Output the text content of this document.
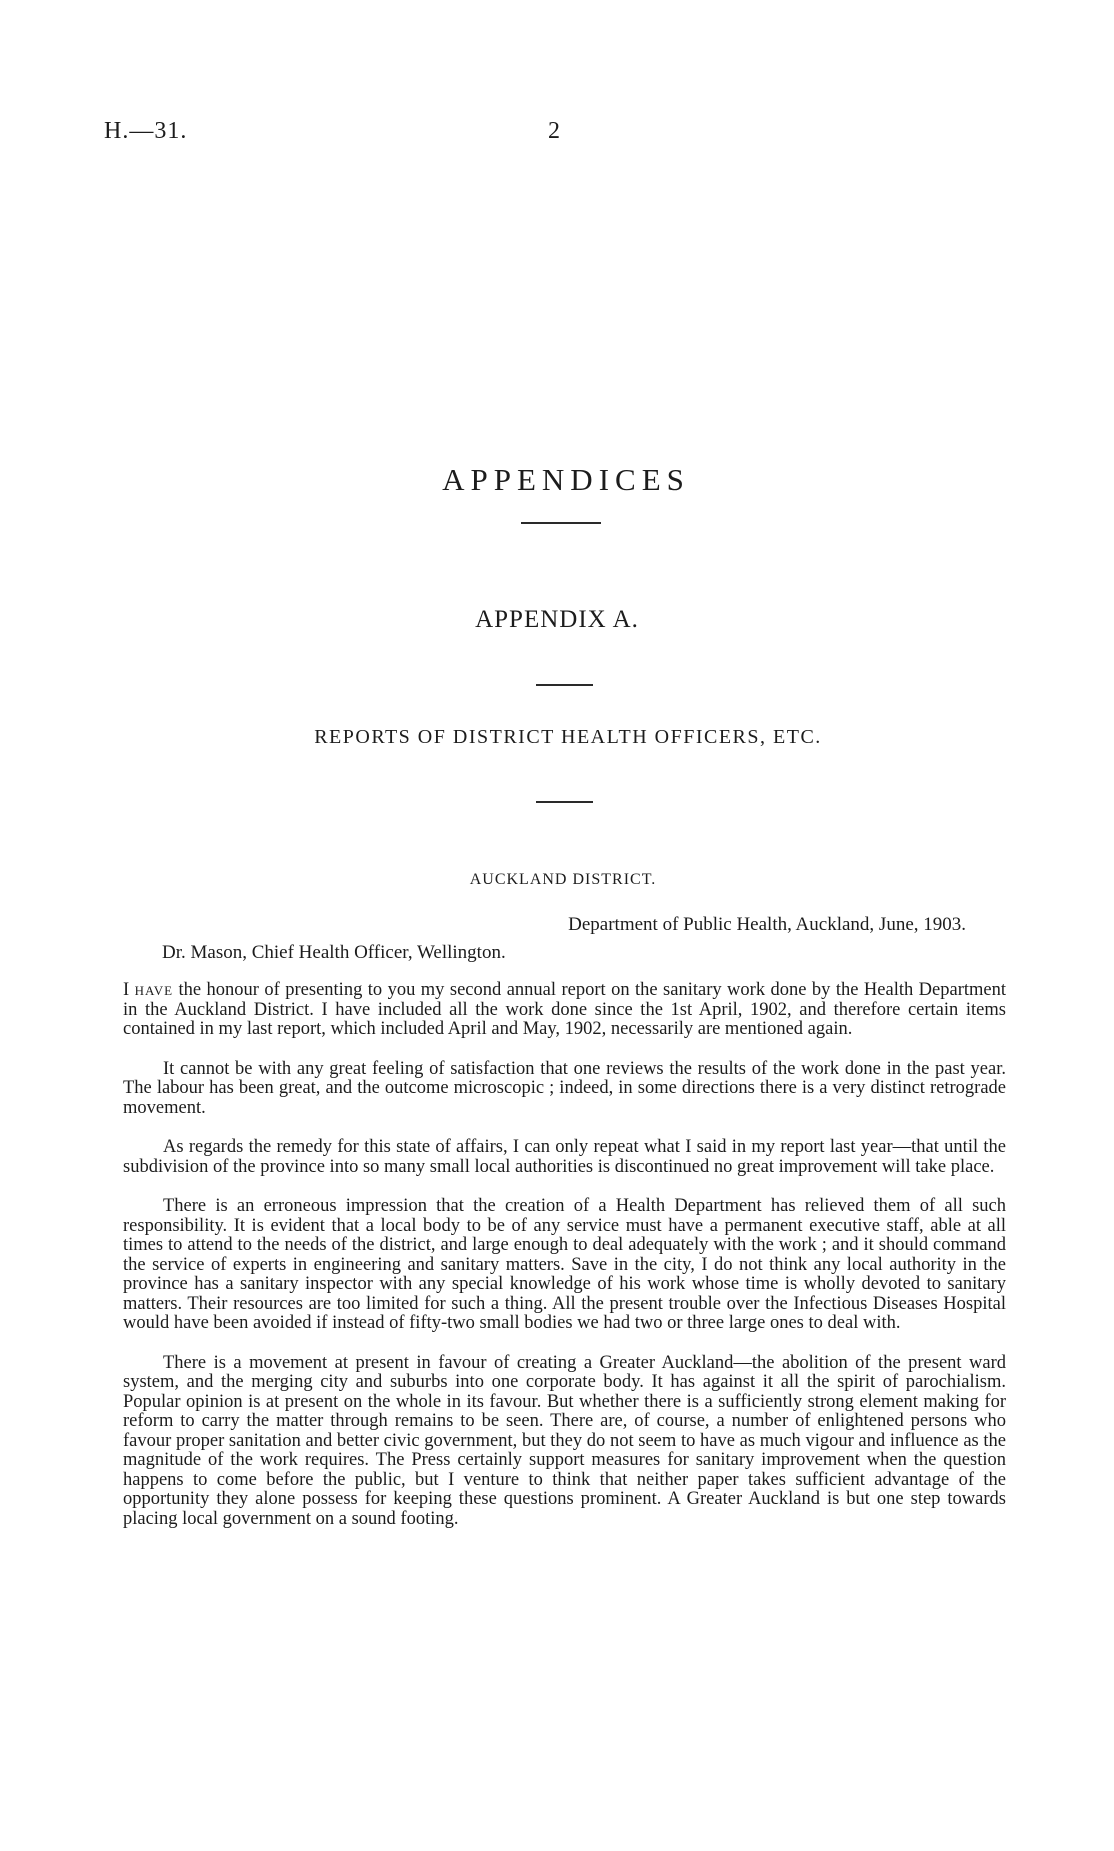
H.—31.	2
APPENDICES
APPENDIX A.
REPORTS OF DISTRICT HEALTH OFFICERS, ETC.
AUCKLAND DISTRICT.
Department of Public Health, Auckland, June, 1903.
Dr. Mason, Chief Health Officer, Wellington.

I HAVE the honour of presenting to you my second annual report on the sanitary work done by the Health Department in the Auckland District. I have included all the work done since the 1st April, 1902, and therefore certain items contained in my last report, which included April and May, 1902, necessarily are mentioned again.

It cannot be with any great feeling of satisfaction that one reviews the results of the work done in the past year. The labour has been great, and the outcome microscopic ; indeed, in some directions there is a very distinct retrograde movement.

As regards the remedy for this state of affairs, I can only repeat what I said in my report last year—that until the subdivision of the province into so many small local authorities is discontinued no great improvement will take place.

There is an erroneous impression that the creation of a Health Department has relieved them of all such responsibility. It is evident that a local body to be of any service must have a permanent executive staff, able at all times to attend to the needs of the district, and large enough to deal adequately with the work ; and it should command the service of experts in engineering and sanitary matters. Save in the city, I do not think any local authority in the province has a sanitary inspector with any special knowledge of his work whose time is wholly devoted to sanitary matters. Their resources are too limited for such a thing. All the present trouble over the Infectious Diseases Hospital would have been avoided if instead of fifty-two small bodies we had two or three large ones to deal with.

There is a movement at present in favour of creating a Greater Auckland—the abolition of the present ward system, and the merging city and suburbs into one corporate body. It has against it all the spirit of parochialism. Popular opinion is at present on the whole in its favour. But whether there is a sufficiently strong element making for reform to carry the matter through remains to be seen. There are, of course, a number of enlightened persons who favour proper sanitation and better civic government, but they do not seem to have as much vigour and influence as the magnitude of the work requires. The Press certainly support measures for sanitary improvement when the question happens to come before the public, but I venture to think that neither paper takes sufficient advantage of the opportunity they alone possess for keeping these questions prominent. A Greater Auckland is but one step towards placing local government on a sound footing.
